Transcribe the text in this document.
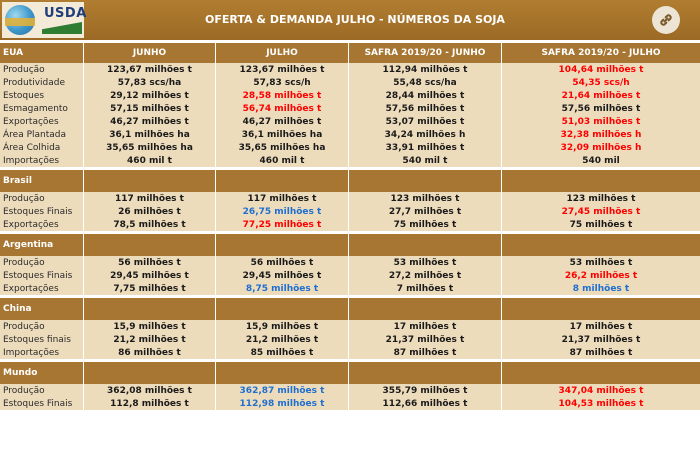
USDA	OFERTA & DEMANDA JULHO - NÚMEROS DA SOJA
EUA	JUNHO	JULHO	SAFRA 2019/20 - JUNHO	SAFRA 2019/20 - JULHO
Produção	123,67 milhões t	123,67 milhões t	112,94 milhões t	104,64 milhões t
Produtividade	57,83 scs/ha	57,83 scs/h	55,48 scs/ha	54,35 scs/h
Estoques	29,12 milhões t	28,58 milhões t	28,44 milhões t	21,64 milhões t
Esmagamento	57,15 milhões t	56,74 milhões t	57,56 milhões t	57,56 milhões t
Exportações	46,27 milhões t	46,27 milhões t	53,07 milhões t	51,03 milhões t
Área Plantada	36,1 milhões ha	36,1 milhões ha	34,24 milhões h	32,38 milhões h
Área Colhida	35,65 milhões ha	35,65 milhões ha	33,91 milhões t	32,09 milhões h
Importações	460 mil t	460 mil t	540 mil t	540 mil

Brasil				
Produção	117 milhões t	117 milhões t	123 milhões t	123 milhões t
Estoques Finais	26 milhões t	26,75 milhões t	27,7 milhões t	27,45 milhões t
Exportações	78,5 milhões t	77,25 milhões t	75 milhões t	75 milhões t

Argentina				
Produção	56 milhões t	56 milhões t	53 milhões t	53 milhões t
Estoques Finais	29,45 milhões t	29,45 milhões t	27,2 milhões t	26,2 milhões t
Exportações	7,75 milhões t	8,75 milhões t	7 milhões t	8 milhões t

China				
Produção	15,9 milhões t	15,9 milhões t	17 milhões t	17 milhões t
Estoques finais	21,2 milhões t	21,2 milhões t	21,37 milhões t	21,37 milhões t
Importações	86 milhões t	85 milhões t	87 milhões t	87 milhões t

Mundo				
Produção	362,08 milhões t	362,87 milhões t	355,79 milhões t	347,04 milhões t
Estoques Finais	112,8 milhões t	112,98 milhões t	112,66 milhões t	104,53 milhões t
